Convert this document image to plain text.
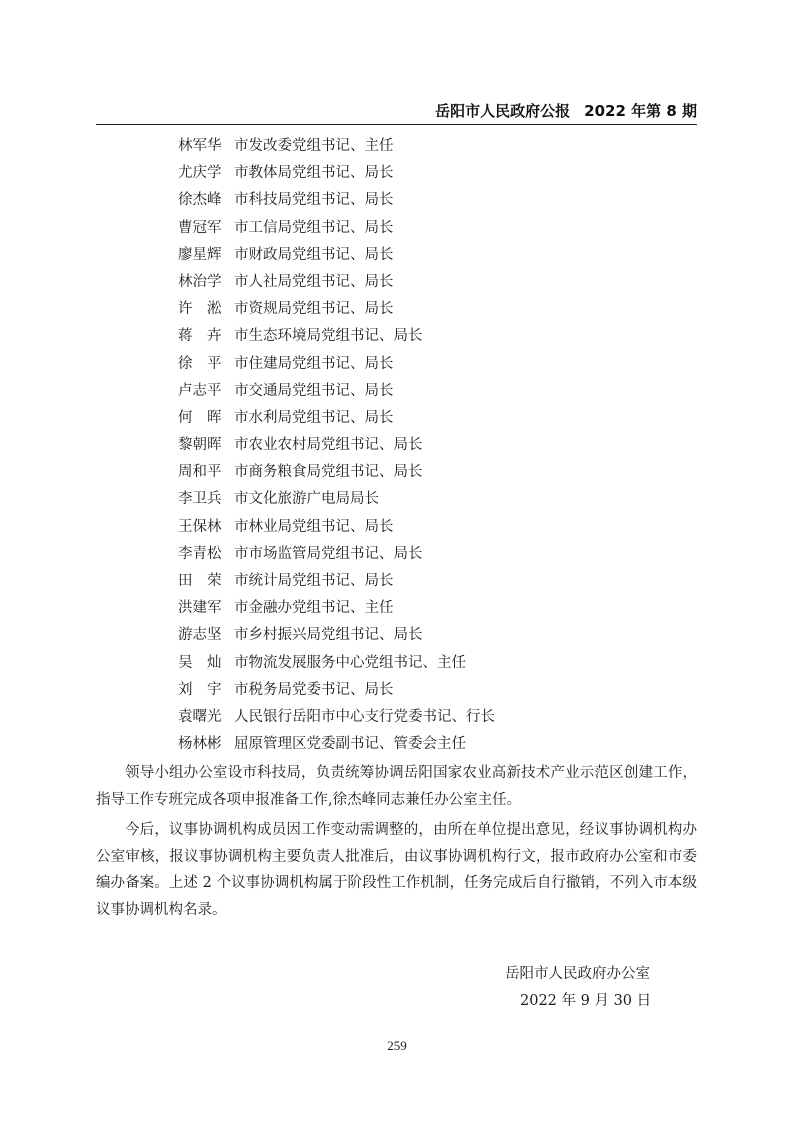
岳阳市人民政府公报 2022 年第 8 期
林军华 市发改委党组书记、主任
尤庆学 市教体局党组书记、局长
徐杰峰 市科技局党组书记、局长
曹冠军 市工信局党组书记、局长
廖星辉 市财政局党组书记、局长
林治学 市人社局党组书记、局长
许　淞 市资规局党组书记、局长
蒋　卉 市生态环境局党组书记、局长
徐　平 市住建局党组书记、局长
卢志平 市交通局党组书记、局长
何　晖 市水利局党组书记、局长
黎朝晖 市农业农村局党组书记、局长
周和平 市商务粮食局党组书记、局长
李卫兵 市文化旅游广电局局长
王保林 市林业局党组书记、局长
李青松 市市场监管局党组书记、局长
田　荣 市统计局党组书记、局长
洪建军 市金融办党组书记、主任
游志坚 市乡村振兴局党组书记、局长
吴　灿 市物流发展服务中心党组书记、主任
刘　宇 市税务局党委书记、局长
袁曙光 人民银行岳阳市中心支行党委书记、行长
杨林彬 屈原管理区党委副书记、管委会主任

领导小组办公室设市科技局，负责统筹协调岳阳国家农业高新技术产业示范区创建工作，指导工作专班完成各项申报准备工作,徐杰峰同志兼任办公室主任。

今后，议事协调机构成员因工作变动需调整的，由所在单位提出意见，经议事协调机构办公室审核，报议事协调机构主要负责人批准后，由议事协调机构行文，报市政府办公室和市委编办备案。上述 2 个议事协调机构属于阶段性工作机制，任务完成后自行撤销，不列入市本级议事协调机构名录。

岳阳市人民政府办公室
2022 年 9 月 30 日
259
